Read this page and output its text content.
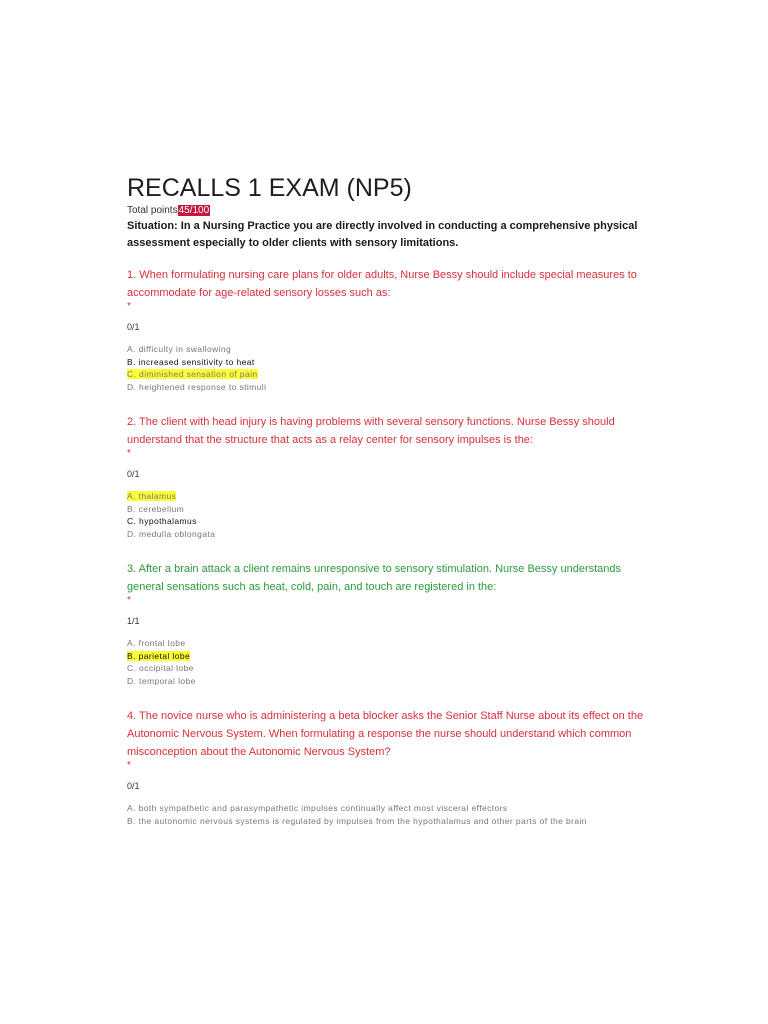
RECALLS 1 EXAM (NP5)
Total points45/100
Situation: In a Nursing Practice you are directly involved in conducting a comprehensive physical assessment especially to older clients with sensory limitations.
1. When formulating nursing care plans for older adults, Nurse Bessy should include special measures to accommodate for age-related sensory losses such as:
*
0/1
A. difficulty in swallowing
B. increased sensitivity to heat
C. diminished sensation of pain
D. heightened response to stimuli
2. The client with head injury is having problems with several sensory functions. Nurse Bessy should understand that the structure that acts as a relay center for sensory impulses is the:
*
0/1
A. thalamus
B. cerebellum
C. hypothalamus
D. medulla oblongata
3. After a brain attack a client remains unresponsive to sensory stimulation. Nurse Bessy understands general sensations such as heat, cold, pain, and touch are registered in the:
*
1/1
A. frontal lobe
B. parietal lobe
C. occipital lobe
D. temporal lobe
4. The novice nurse who is administering a beta blocker asks the Senior Staff Nurse about its effect on the Autonomic Nervous System. When formulating a response the nurse should understand which common misconception about the Autonomic Nervous System?
*
0/1
A. both sympathetic and parasympathetic impulses continually affect most visceral effectors
B. the autonomic nervous systems is regulated by impulses from the hypothalamus and other parts of the brain
